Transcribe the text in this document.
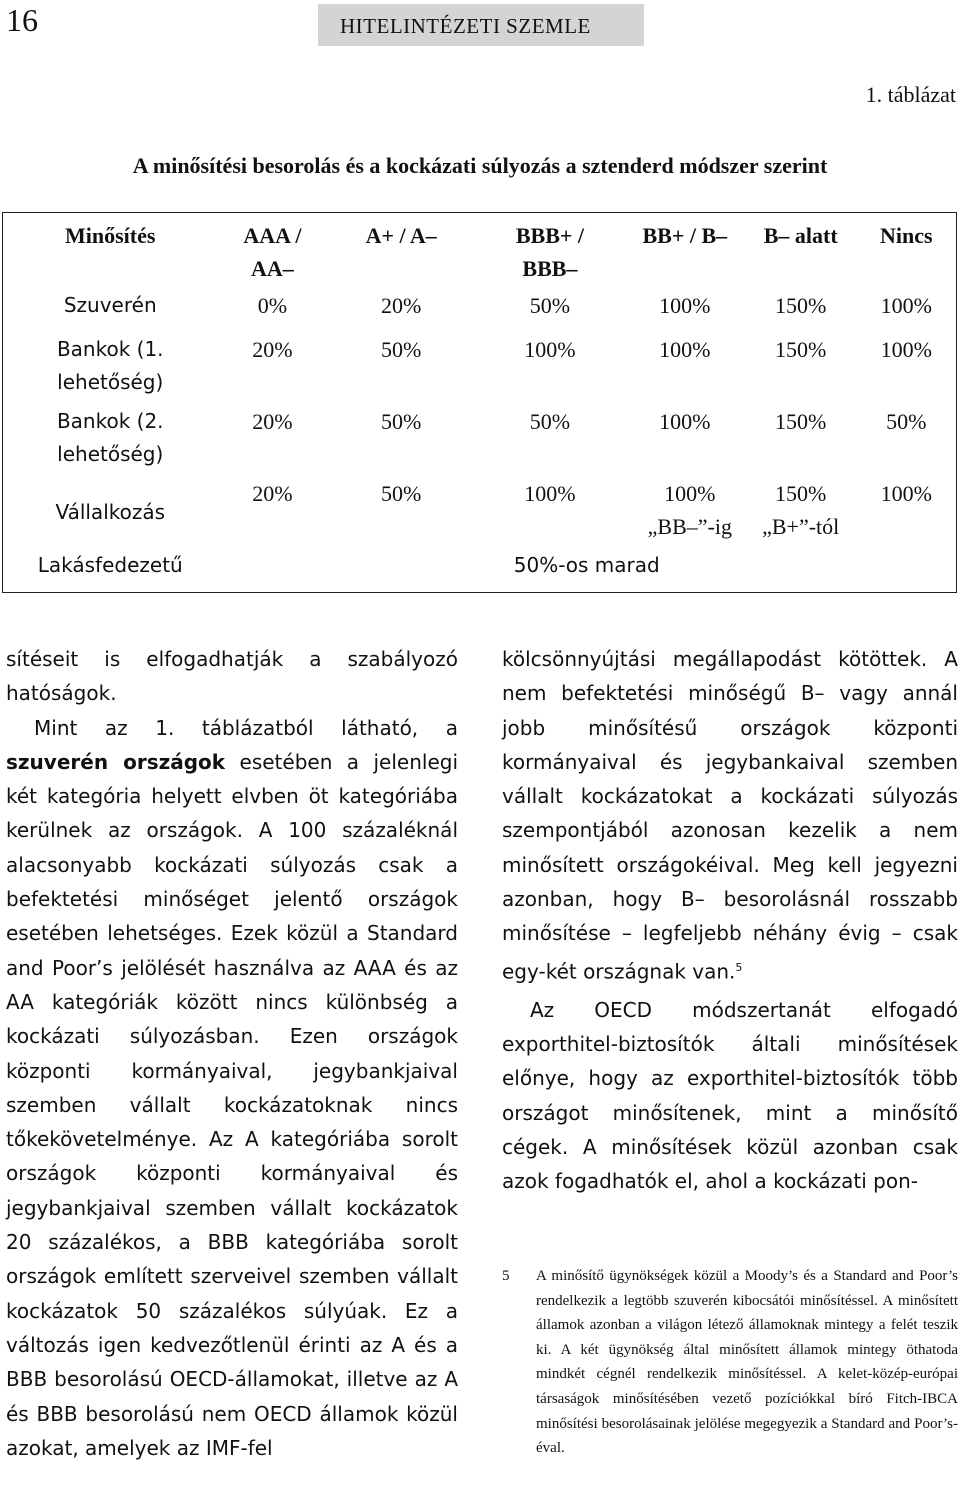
16	HITELINTÉZETI SZEMLE
1. táblázat
A minősítési besorolás és a kockázati súlyozás a sztenderd módszer szerint
Minősítés	AAA / AA–	A+ / A–	BBB+ / BBB–	BB+ / B–	B– alatt	Nincs
Szuverén	0%	20%	50%	100%	150%	100%
Bankok (1. lehetőség)	20%	50%	100%	100%	150%	100%
Bankok (2. lehetőség)	20%	50%	50%	100%	150%	50%
Vállalkozás	20%	50%	100%	100% „BB–”-ig	150% „B+”-tól	100%
Lakásfedezetű	50%-os marad					

sítéseit is elfogadhatják a szabályozó hatóságok.

Mint az 1. táblázatból látható, a szuverén országok esetében a jelenlegi két kategória helyett elvben öt kategóriába kerülnek az országok. A 100 százaléknál alacsonyabb kockázati súlyozás csak a befektetési minőséget jelentő országok esetében lehetséges. Ezek közül a Standard and Poor’s jelölését használva az AAA és az AA kategóriák között nincs különbség a kockázati súlyozásban. Ezen országok központi kormányaival, jegybankjaival szemben vállalt kockázatoknak nincs tőkekövetelménye. Az A kategóriába sorolt országok központi kormányaival és jegybankjaival szemben vállalt kockázatok 20 százalékos, a BBB kategóriába sorolt országok említett szerveivel szemben vállalt kockázatok 50 százalékos súlyúak. Ez a változás igen kedvezőtlenül érinti az A és a BBB besorolású OECD-államokat, illetve az A és BBB besorolású nem OECD államok közül azokat, amelyek az IMF-fel

kölcsönnyújtási megállapodást kötöttek. A nem befektetési minőségű B– vagy annál jobb minősítésű országok központi kormányaival és jegybankaival szemben vállalt kockázatokat a kockázati súlyozás szempontjából azonosan kezelik a nem minősített országokéival. Meg kell jegyezni azonban, hogy B– besorolásnál rosszabb minősítése – legfeljebb néhány évig – csak egy-két országnak van.$^5$

Az OECD módszertanát elfogadó exporthitel-biztosítók általi minősítések előnye, hogy az exporthitel-biztosítók több országot minősítenek, mint a minősítő cégek. A minősítések közül azonban csak azok fogadhatók el, ahol a kockázati pon-

5 A minősítő ügynökségek közül a Moody’s és a Standard and Poor’s rendelkezik a legtöbb szuverén kibocsátói minősítéssel. A minősített államok azonban a világon létező államoknak mintegy a felét teszik ki. A két ügynökség által minősített államok mintegy öthatoda mindkét cégnél rendelkezik minősítéssel. A kelet-közép-európai társaságok minősítésében vezető pozíciókkal bíró Fitch-IBCA minősítési besorolásainak jelölése megegyezik a Standard and Poor’s-éval.
